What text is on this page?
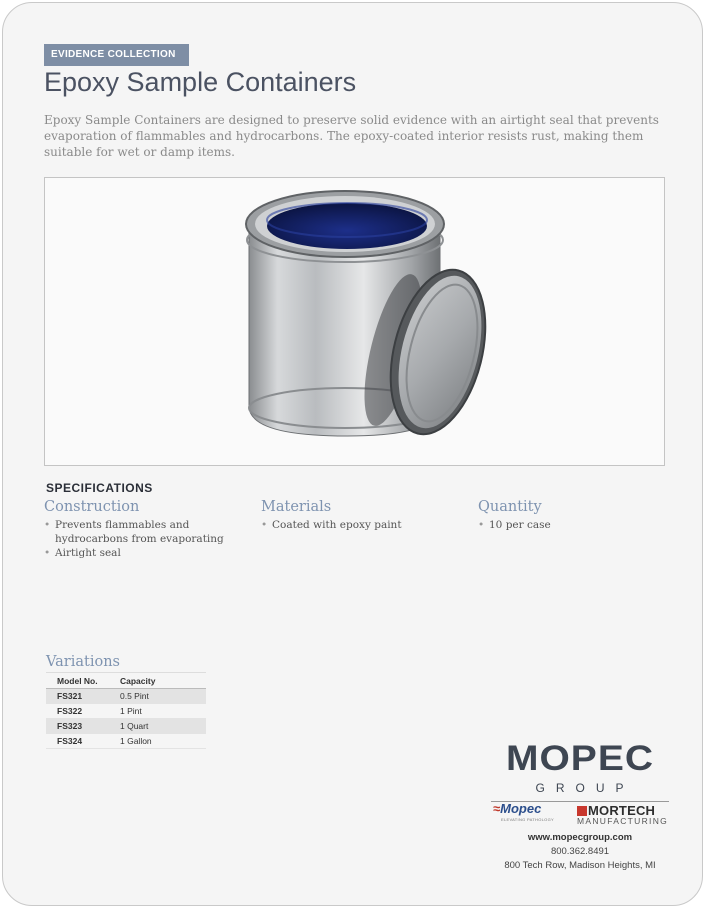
EVIDENCE COLLECTION
Epoxy Sample Containers

Epoxy Sample Containers are designed to preserve solid evidence with an airtight seal that prevents evaporation of flammables and hydrocarbons. The epoxy-coated interior resists rust, making them suitable for wet or damp items.

SPECIFICATIONS
Construction
• Prevents flammables and hydrocarbons from evaporating
• Airtight seal
Materials
• Coated with epoxy paint
Quantity
• 10 per case
Variations
Model No.	Capacity
FS321	0.5 Pint
FS322	1 Pint
FS323	1 Quart
FS324	1 Gallon	MOPEC
GROUP
≈Mopec
ELEVATING PATHOLOGY
MORTECH
MANUFACTURING
www.mopecgroup.com
800.362.8491
800 Tech Row, Madison Heights, MI
